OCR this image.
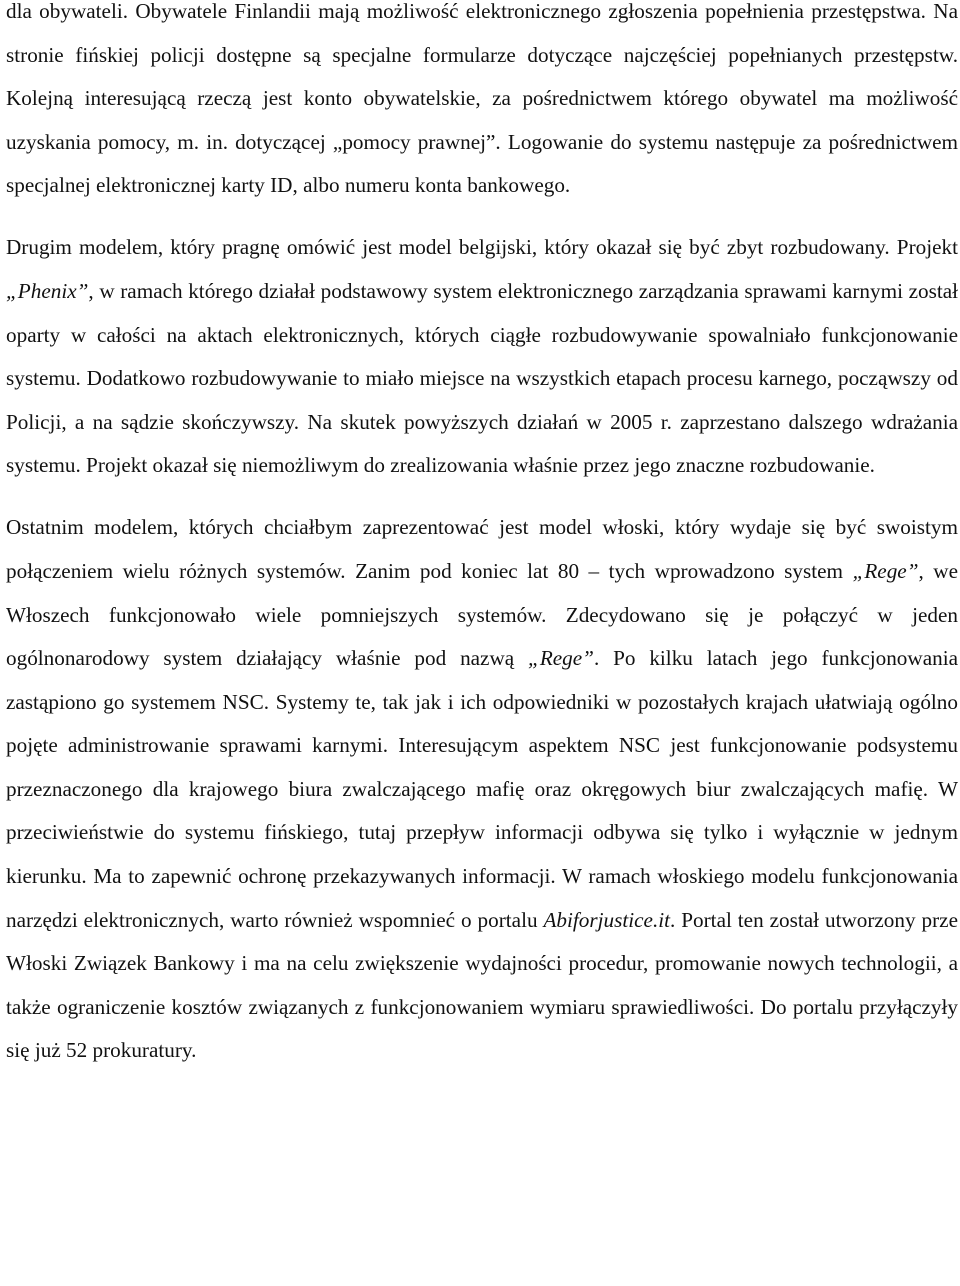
dla obywateli. Obywatele Finlandii mają możliwość elektronicznego zgłoszenia popełnienia przestępstwa. Na stronie fińskiej policji dostępne są specjalne formularze dotyczące najczęściej popełnianych przestępstw. Kolejną interesującą rzeczą jest konto obywatelskie, za pośrednictwem którego obywatel ma możliwość uzyskania pomocy, m. in. dotyczącej „pomocy prawnej”. Logowanie do systemu następuje za pośrednictwem specjalnej elektronicznej karty ID, albo numeru konta bankowego.

Drugim modelem, który pragnę omówić jest model belgijski, który okazał się być zbyt rozbudowany. Projekt „Phenix”, w ramach którego działał podstawowy system elektronicznego zarządzania sprawami karnymi został oparty w całości na aktach elektronicznych, których ciągłe rozbudowywanie spowalniało funkcjonowanie systemu. Dodatkowo rozbudowywanie to miało miejsce na wszystkich etapach procesu karnego, począwszy od Policji, a na sądzie skończywszy. Na skutek powyższych działań w 2005 r. zaprzestano dalszego wdrażania systemu. Projekt okazał się niemożliwym do zrealizowania właśnie przez jego znaczne rozbudowanie.

Ostatnim modelem, których chciałbym zaprezentować jest model włoski, który wydaje się być swoistym połączeniem wielu różnych systemów. Zanim pod koniec lat 80 – tych wprowadzono system „Rege”, we Włoszech funkcjonowało wiele pomniejszych systemów. Zdecydowano się je połączyć w jeden ogólnonarodowy system działający właśnie pod nazwą „Rege”. Po kilku latach jego funkcjonowania zastąpiono go systemem NSC. Systemy te, tak jak i ich odpowiedniki w pozostałych krajach ułatwiają ogólno pojęte administrowanie sprawami karnymi. Interesującym aspektem NSC jest funkcjonowanie podsystemu przeznaczonego dla krajowego biura zwalczającego mafię oraz okręgowych biur zwalczających mafię. W przeciwieństwie do systemu fińskiego, tutaj przepływ informacji odbywa się tylko i wyłącznie w jednym kierunku. Ma to zapewnić ochronę przekazywanych informacji. W ramach włoskiego modelu funkcjonowania narzędzi elektronicznych, warto również wspomnieć o portalu Abiforjustice.it. Portal ten został utworzony prze Włoski Związek Bankowy i ma na celu zwiększenie wydajności procedur, promowanie nowych technologii, a także ograniczenie kosztów związanych z funkcjonowaniem wymiaru sprawiedliwości. Do portalu przyłączyły się już 52 prokuratury.
